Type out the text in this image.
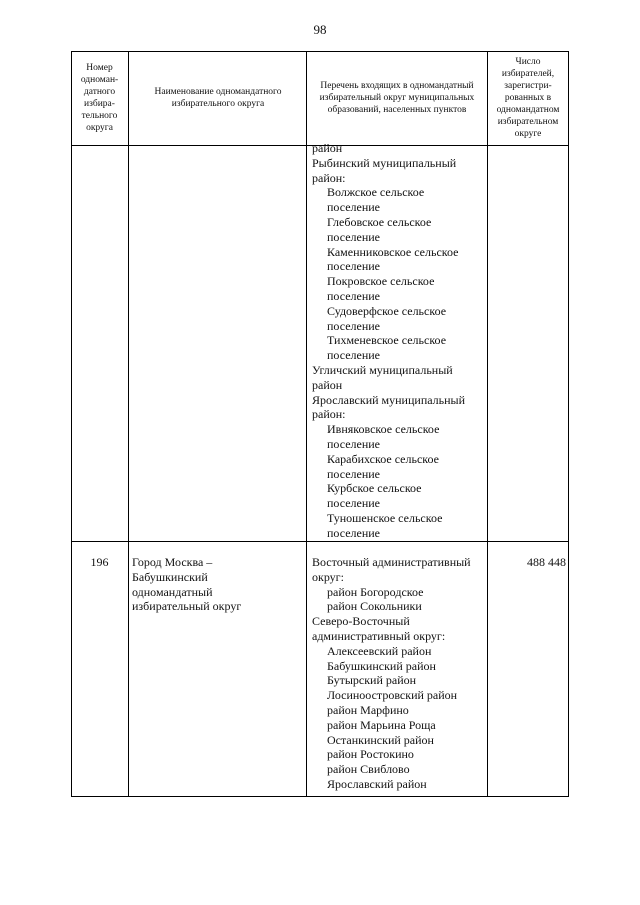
98
Номер одноман-датного избира-тельного округа
Наименование одномандатного избирательного округа
Перечень входящих в одномандатный избирательный округ муниципальных образований, населенных пунктов
Число избирателей, зарегистри-рованных в одномандатном избирательном округе
район
Рыбинский муниципальный
район:
Волжское сельское
поселение
Глебовское сельское
поселение
Каменниковское сельское
поселение
Покровское сельское
поселение
Судоверфское сельское
поселение
Тихменевское сельское
поселение
Угличский муниципальный
район
Ярославский муниципальный
район:
Ивняковское сельское
поселение
Карабихское сельское
поселение
Курбское сельское
поселение
Туношенское сельское
поселение
196	Город Москва –
Бабушкинский
одномандатный
избирательный округ
488 448
Восточный административный
округ:
район Богородское
район Сокольники
Северо-Восточный
административный округ:
Алексеевский район
Бабушкинский район
Бутырский район
Лосиноостровский район
район Марфино
район Марьина Роща
Останкинский район
район Ростокино
район Свиблово
Ярославский район
